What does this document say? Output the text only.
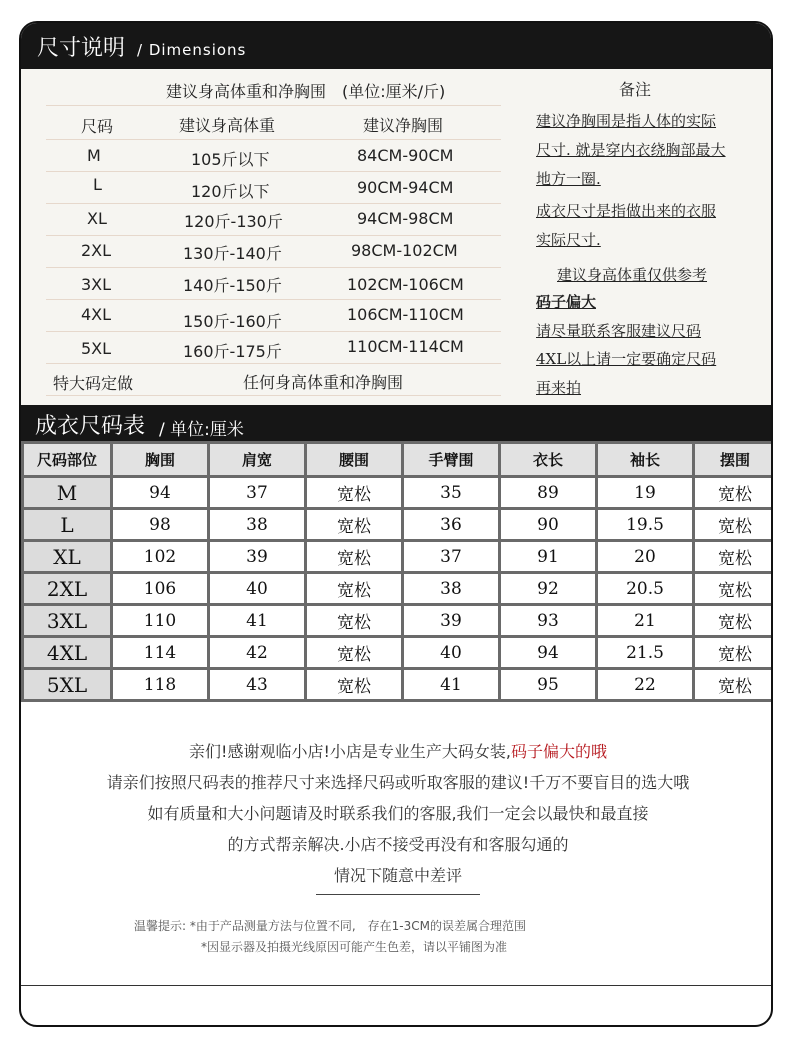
尺寸说明 / Dimensions
建议身高体重和净胸围　(单位:厘米/斤)
尺码	建议身高体重	建议净胸围
M	105斤以下	84CM-90CM
L	120斤以下	90CM-94CM
XL	120斤-130斤	94CM-98CM
2XL	130斤-140斤	98CM-102CM
3XL	140斤-150斤	102CM-106CM
4XL	150斤-160斤	106CM-110CM
5XL	160斤-175斤	110CM-114CM
特大码定做	任何身高体重和净胸围
备注
建议净胸围是指人体的实际
尺寸. 就是穿内衣绕胸部最大
地方一圈.
成衣尺寸是指做出来的衣服
实际尺寸.
建议身高体重仅供参考
码子偏大
请尽量联系客服建议尺码
4XL以上请一定要确定尺码
再来拍
成衣尺码表 / 单位:厘米
尺码部位	胸围	肩宽	腰围	手臂围	衣长	袖长	摆围
M	94	37	宽松	35	89	19	宽松
L	98	38	宽松	36	90	19.5	宽松
XL	102	39	宽松	37	91	20	宽松
2XL	106	40	宽松	38	92	20.5	宽松
3XL	110	41	宽松	39	93	21	宽松
4XL	114	42	宽松	40	94	21.5	宽松
5XL	118	43	宽松	41	95	22	宽松
亲们!感谢观临小店!小店是专业生产大码女装,码子偏大的哦
请亲们按照尺码表的推荐尺寸来选择尺码或听取客服的建议!千万不要盲目的选大哦
如有质量和大小问题请及时联系我们的客服,我们一定会以最快和最直接
的方式帮亲解决.小店不接受再没有和客服勾通的
情况下随意中差评
温馨提示: *由于产品测量方法与位置不同,　存在1-3CM的误差属合理范围
*因显示器及拍摄光线原因可能产生色差，请以平铺图为准
